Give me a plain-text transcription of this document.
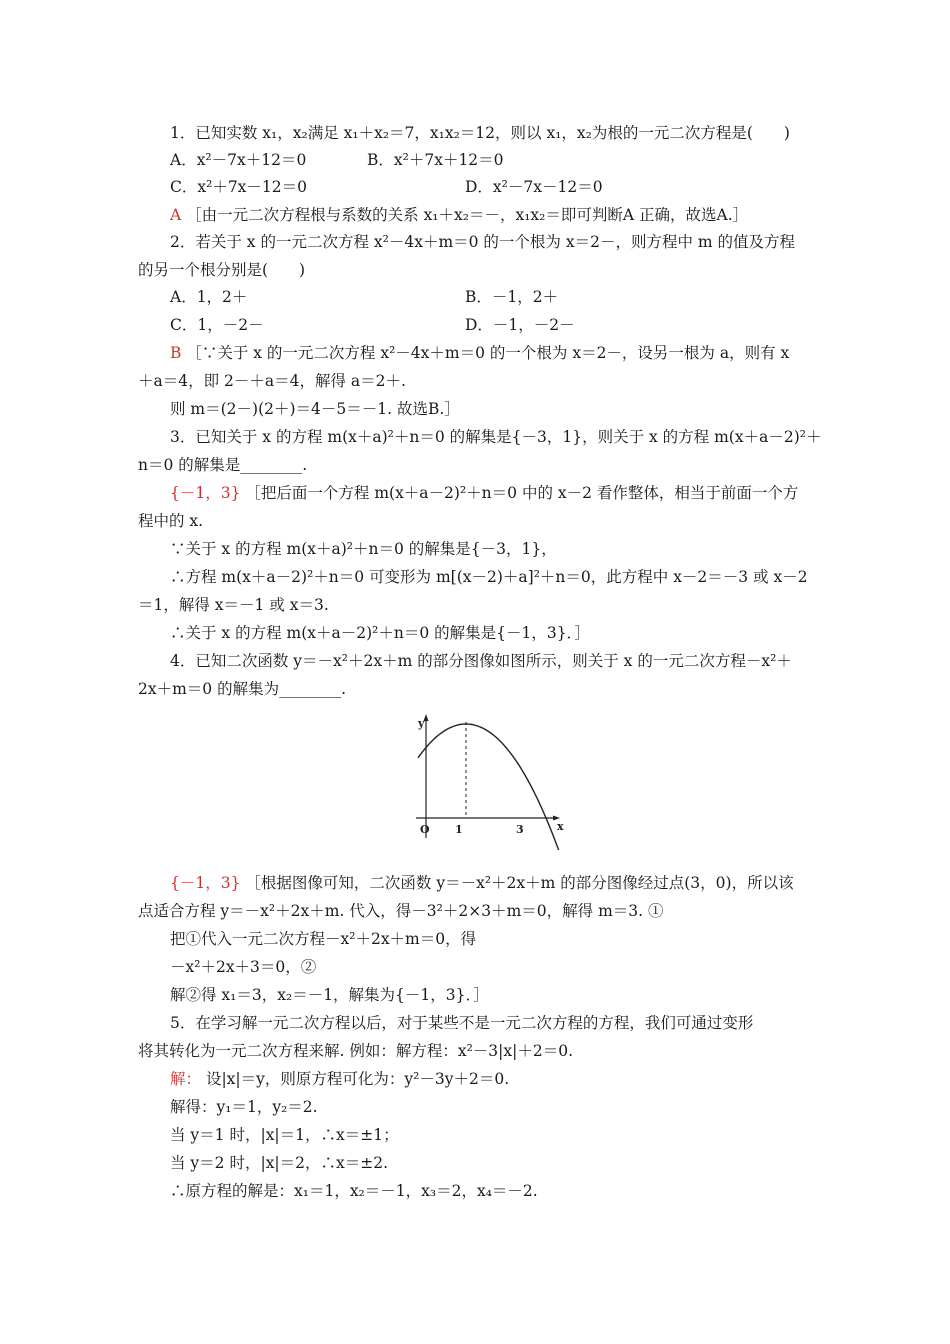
1．已知实数 x₁，x₂满足 x₁＋x₂＝7，x₁x₂＝12，则以 x₁，x₂为根的一元二次方程是(　　)
A．x²－7x＋12＝0	B．x²＋7x＋12＝0
C．x²＋7x－12＝0	D．x²－7x－12＝0
A ［由一元二次方程根与系数的关系 x₁＋x₂＝－，x₁x₂＝即可判断A 正确，故选A.］
2．若关于 x 的一元二次方程 x²－4x＋m＝0 的一个根为 x＝2－，则方程中 m 的值及方程
的另一个根分别是(　　)
A．1，2＋	B．－1，2＋
C．1，－2－	D．－1，－2－
B ［∵关于 x 的一元二次方程 x²－4x＋m＝0 的一个根为 x＝2－，设另一根为 a，则有 x
＋a＝4，即 2－＋a＝4，解得 a＝2＋.
则 m＝(2－)(2＋)＝4－5＝－1. 故选B.］
3．已知关于 x 的方程 m(x＋a)²＋n＝0 的解集是{－3，1}，则关于 x 的方程 m(x＋a－2)²＋
n＝0 的解集是________.
{－1，3} ［把后面一个方程 m(x＋a－2)²＋n＝0 中的 x－2 看作整体，相当于前面一个方
程中的 x.
∵关于 x 的方程 m(x＋a)²＋n＝0 的解集是{－3，1}，
∴方程 m(x＋a－2)²＋n＝0 可变形为 m[(x－2)＋a]²＋n＝0，此方程中 x－2＝－3 或 x－2
＝1，解得 x＝－1 或 x＝3.
∴关于 x 的方程 m(x＋a－2)²＋n＝0 的解集是{－1，3}．］
4．已知二次函数 y＝－x²＋2x＋m 的部分图像如图所示，则关于 x 的一元二次方程－x²＋
2x＋m＝0 的解集为________.
y
x
O 1	3
{－1，3} ［根据图像可知，二次函数 y＝－x²＋2x＋m 的部分图像经过点(3，0)，所以该
点适合方程 y＝－x²＋2x＋m. 代入，得－3²＋2×3＋m＝0，解得 m＝3. ①
把①代入一元二次方程－x²＋2x＋m＝0，得
－x²＋2x＋3＝0，②
解②得 x₁＝3，x₂＝－1，解集为{－1，3}．］
5．在学习解一元二次方程以后，对于某些不是一元二次方程的方程，我们可通过变形
将其转化为一元二次方程来解. 例如：解方程：x²－3|x|＋2＝0.
解： 设|x|＝y，则原方程可化为：y²－3y＋2＝0.
解得：y₁＝1，y₂＝2.
当 y＝1 时，|x|＝1，∴x＝±1；
当 y＝2 时，|x|＝2，∴x＝±2.
∴原方程的解是：x₁＝1，x₂＝－1，x₃＝2，x₄＝－2.
